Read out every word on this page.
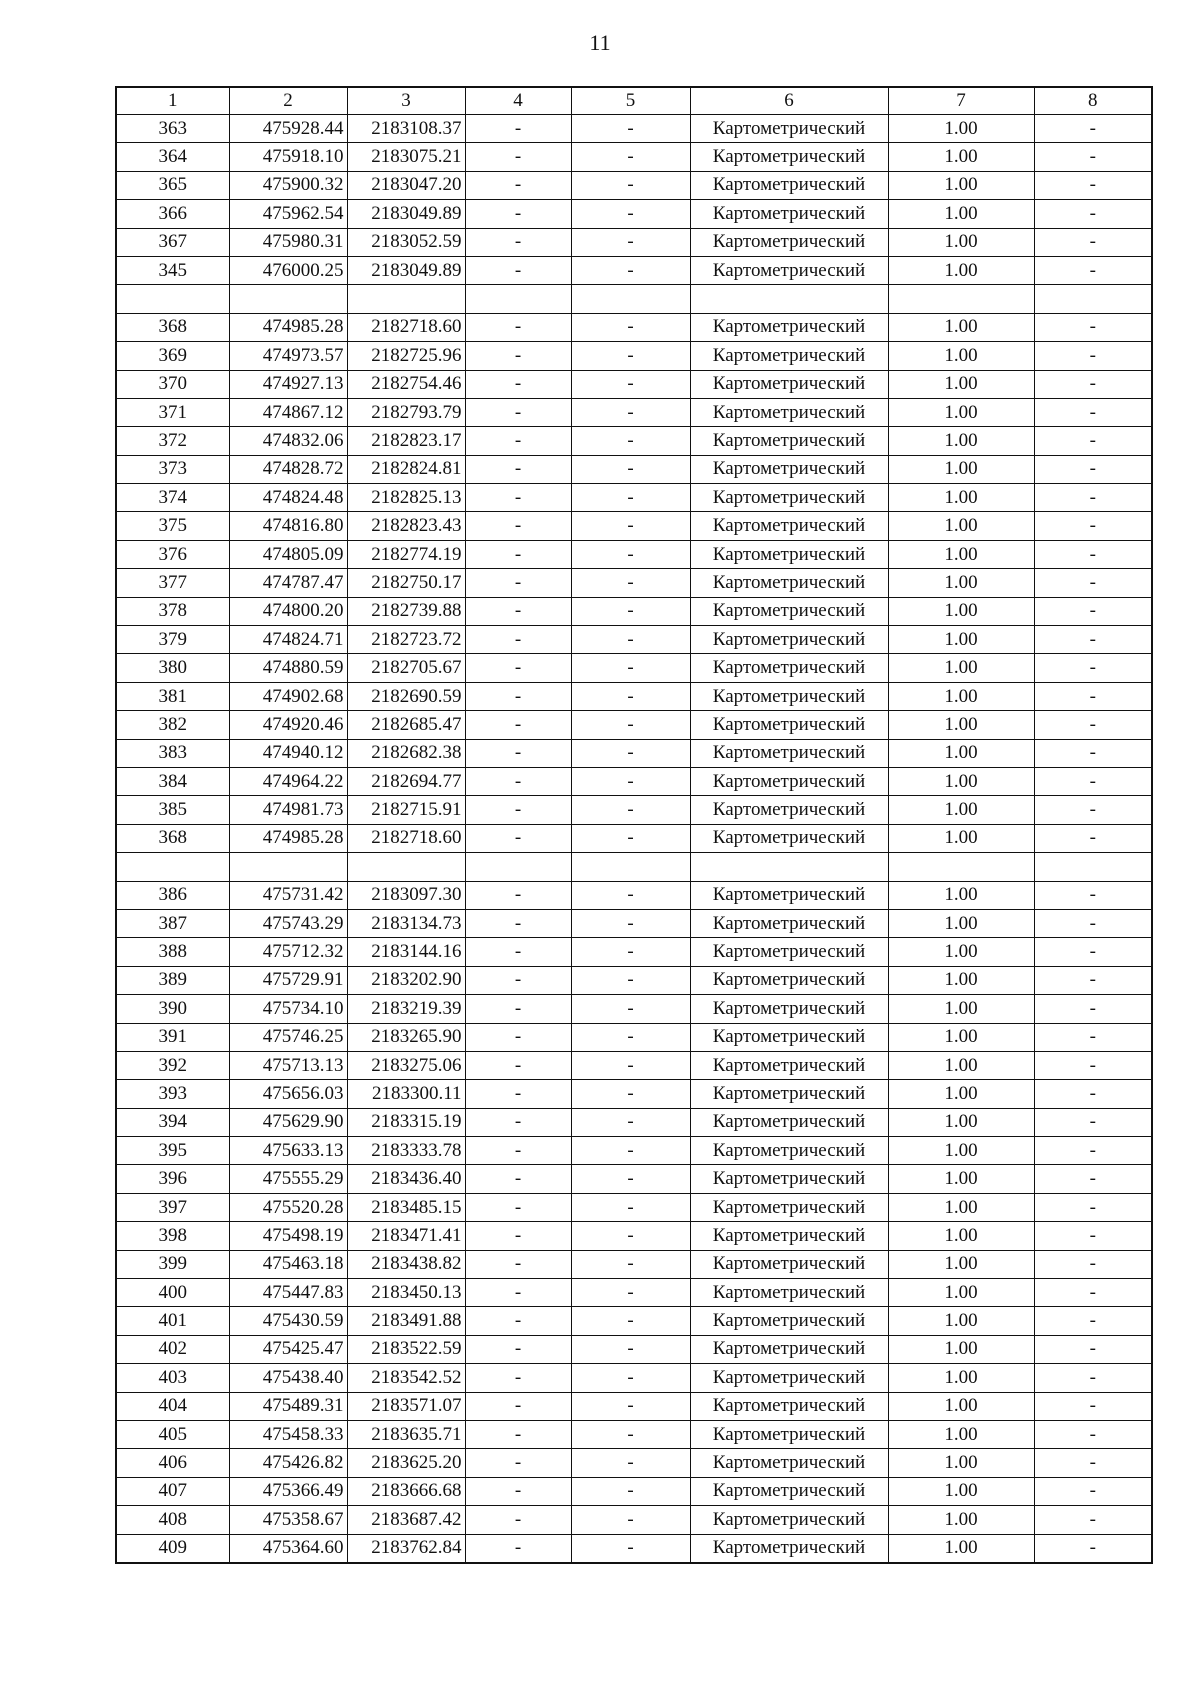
11
1	2	3	4	5	6	7	8
363	475928.44	2183108.37	-	-	Картометрический	1.00	-
364	475918.10	2183075.21	-	-	Картометрический	1.00	-
365	475900.32	2183047.20	-	-	Картометрический	1.00	-
366	475962.54	2183049.89	-	-	Картометрический	1.00	-
367	475980.31	2183052.59	-	-	Картометрический	1.00	-
345	476000.25	2183049.89	-	-	Картометрический	1.00	-

368	474985.28	2182718.60	-	-	Картометрический	1.00	-
369	474973.57	2182725.96	-	-	Картометрический	1.00	-
370	474927.13	2182754.46	-	-	Картометрический	1.00	-
371	474867.12	2182793.79	-	-	Картометрический	1.00	-
372	474832.06	2182823.17	-	-	Картометрический	1.00	-
373	474828.72	2182824.81	-	-	Картометрический	1.00	-
374	474824.48	2182825.13	-	-	Картометрический	1.00	-
375	474816.80	2182823.43	-	-	Картометрический	1.00	-
376	474805.09	2182774.19	-	-	Картометрический	1.00	-
377	474787.47	2182750.17	-	-	Картометрический	1.00	-
378	474800.20	2182739.88	-	-	Картометрический	1.00	-
379	474824.71	2182723.72	-	-	Картометрический	1.00	-
380	474880.59	2182705.67	-	-	Картометрический	1.00	-
381	474902.68	2182690.59	-	-	Картометрический	1.00	-
382	474920.46	2182685.47	-	-	Картометрический	1.00	-
383	474940.12	2182682.38	-	-	Картометрический	1.00	-
384	474964.22	2182694.77	-	-	Картометрический	1.00	-
385	474981.73	2182715.91	-	-	Картометрический	1.00	-
368	474985.28	2182718.60	-	-	Картометрический	1.00	-

386	475731.42	2183097.30	-	-	Картометрический	1.00	-
387	475743.29	2183134.73	-	-	Картометрический	1.00	-
388	475712.32	2183144.16	-	-	Картометрический	1.00	-
389	475729.91	2183202.90	-	-	Картометрический	1.00	-
390	475734.10	2183219.39	-	-	Картометрический	1.00	-
391	475746.25	2183265.90	-	-	Картометрический	1.00	-
392	475713.13	2183275.06	-	-	Картометрический	1.00	-
393	475656.03	2183300.11	-	-	Картометрический	1.00	-
394	475629.90	2183315.19	-	-	Картометрический	1.00	-
395	475633.13	2183333.78	-	-	Картометрический	1.00	-
396	475555.29	2183436.40	-	-	Картометрический	1.00	-
397	475520.28	2183485.15	-	-	Картометрический	1.00	-
398	475498.19	2183471.41	-	-	Картометрический	1.00	-
399	475463.18	2183438.82	-	-	Картометрический	1.00	-
400	475447.83	2183450.13	-	-	Картометрический	1.00	-
401	475430.59	2183491.88	-	-	Картометрический	1.00	-
402	475425.47	2183522.59	-	-	Картометрический	1.00	-
403	475438.40	2183542.52	-	-	Картометрический	1.00	-
404	475489.31	2183571.07	-	-	Картометрический	1.00	-
405	475458.33	2183635.71	-	-	Картометрический	1.00	-
406	475426.82	2183625.20	-	-	Картометрический	1.00	-
407	475366.49	2183666.68	-	-	Картометрический	1.00	-
408	475358.67	2183687.42	-	-	Картометрический	1.00	-
409	475364.60	2183762.84	-	-	Картометрический	1.00	-
